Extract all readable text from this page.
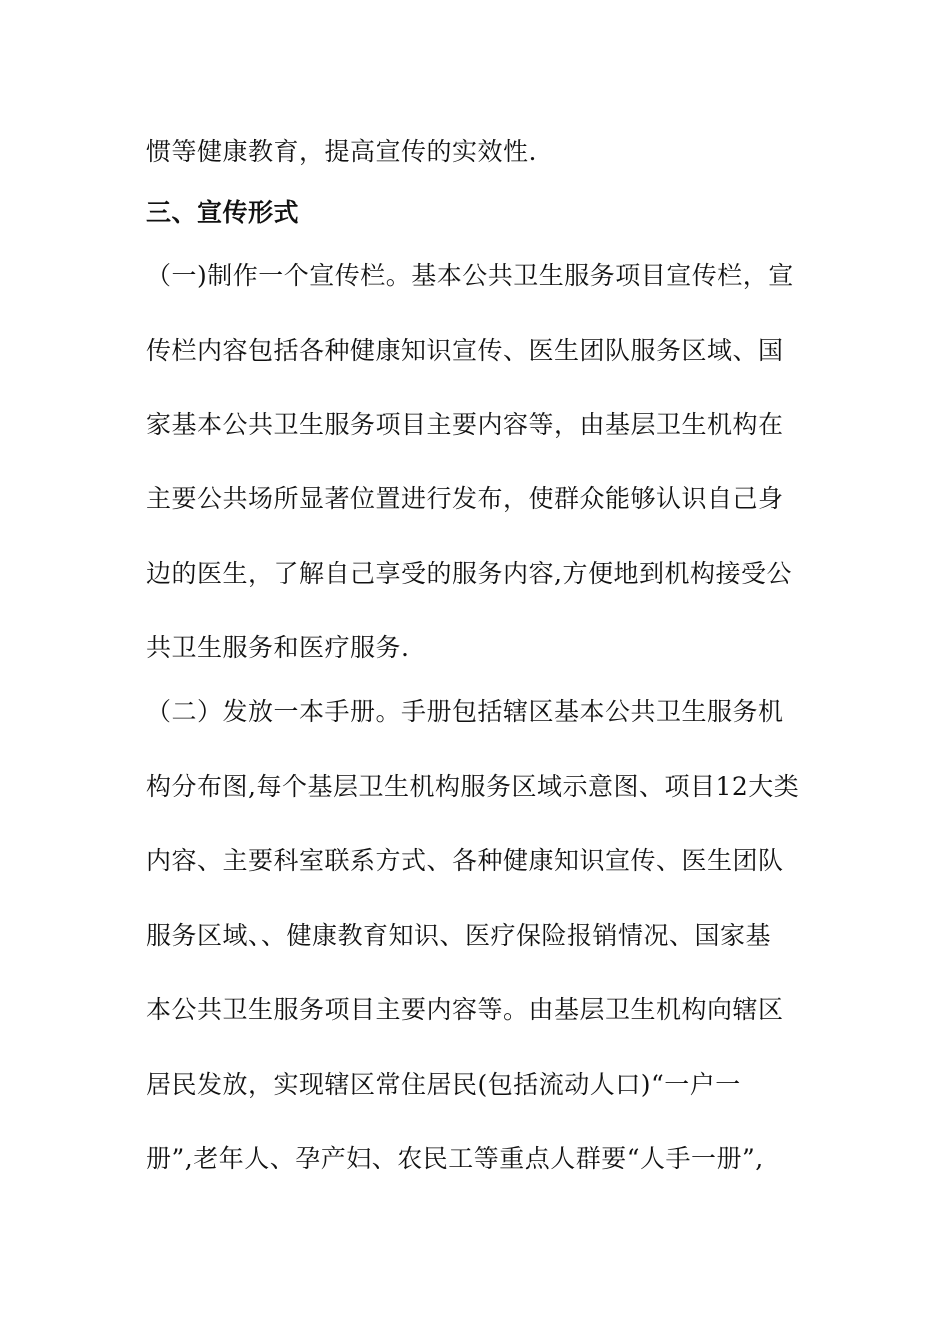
惯等健康教育，提高宣传的实效性.
三、宣传形式
（一)制作一个宣传栏。基本公共卫生服务项目宣传栏，宣
传栏内容包括各种健康知识宣传、医生团队服务区域、国
家基本公共卫生服务项目主要内容等，由基层卫生机构在
主要公共场所显著位置进行发布，使群众能够认识自己身
边的医生，了解自己享受的服务内容,方便地到机构接受公
共卫生服务和医疗服务.
（二）发放一本手册。手册包括辖区基本公共卫生服务机
构分布图,每个基层卫生机构服务区域示意图、项目12大类
内容、主要科室联系方式、各种健康知识宣传、医生团队
服务区域、、健康教育知识、医疗保险报销情况、国家基
本公共卫生服务项目主要内容等。由基层卫生机构向辖区
居民发放，实现辖区常住居民(包括流动人口)“一户一
册”,老年人、孕产妇、农民工等重点人群要“人手一册”,
